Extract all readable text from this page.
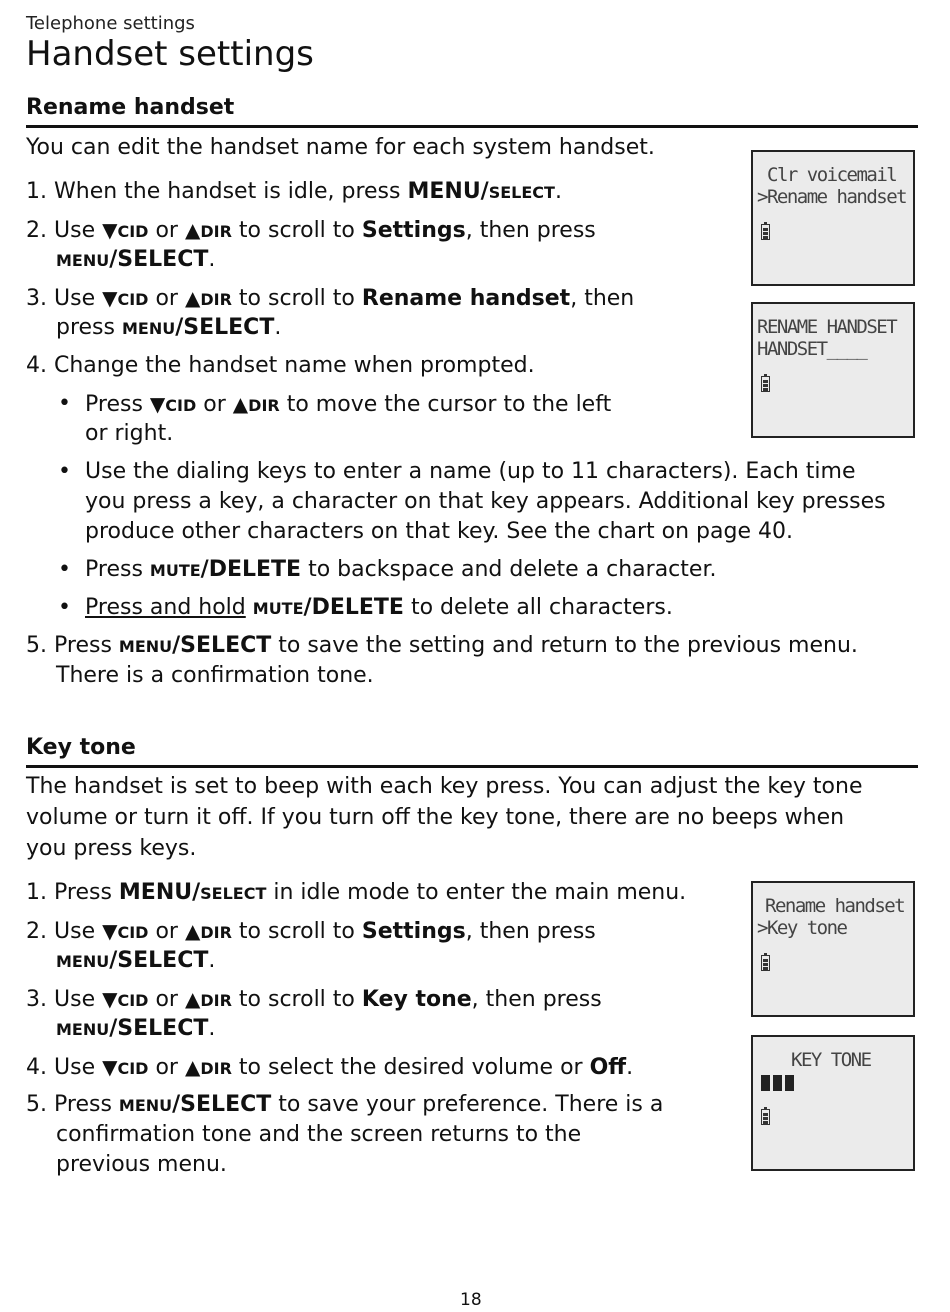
Telephone settings
Handset settings
Rename handset
You can edit the handset name for each system handset.
1. When the handset is idle, press MENU/SELECT.
2. Use ▼CID or ▲DIR to scroll to Settings, then press
MENU/SELECT.
3. Use ▼CID or ▲DIR to scroll to Rename handset, then
press MENU/SELECT.
4. Change the handset name when prompted.
• Press ▼CID or ▲DIR to move the cursor to the left
or right.
• Use the dialing keys to enter a name (up to 11 characters). Each time
you press a key, a character on that key appears. Additional key presses
produce other characters on that key. See the chart on page 40.
• Press MUTE/DELETE to backspace and delete a character.
• Press and hold MUTE/DELETE to delete all characters.
5. Press MENU/SELECT to save the setting and return to the previous menu.
There is a confirmation tone.
Key tone
The handset is set to beep with each key press. You can adjust the key tone
volume or turn it off. If you turn off the key tone, there are no beeps when
you press keys.
1. Press MENU/SELECT in idle mode to enter the main menu.
2. Use ▼CID or ▲DIR to scroll to Settings, then press
MENU/SELECT.
3. Use ▼CID or ▲DIR to scroll to Key tone, then press
MENU/SELECT.
4. Use ▼CID or ▲DIR to select the desired volume or Off.
5. Press MENU/SELECT to save your preference. There is a
confirmation tone and the screen returns to the
previous menu.
Clr voicemail
>Rename handset
RENAME HANDSET
HANDSET____
Rename handset
>Key tone
KEY TONE
18
